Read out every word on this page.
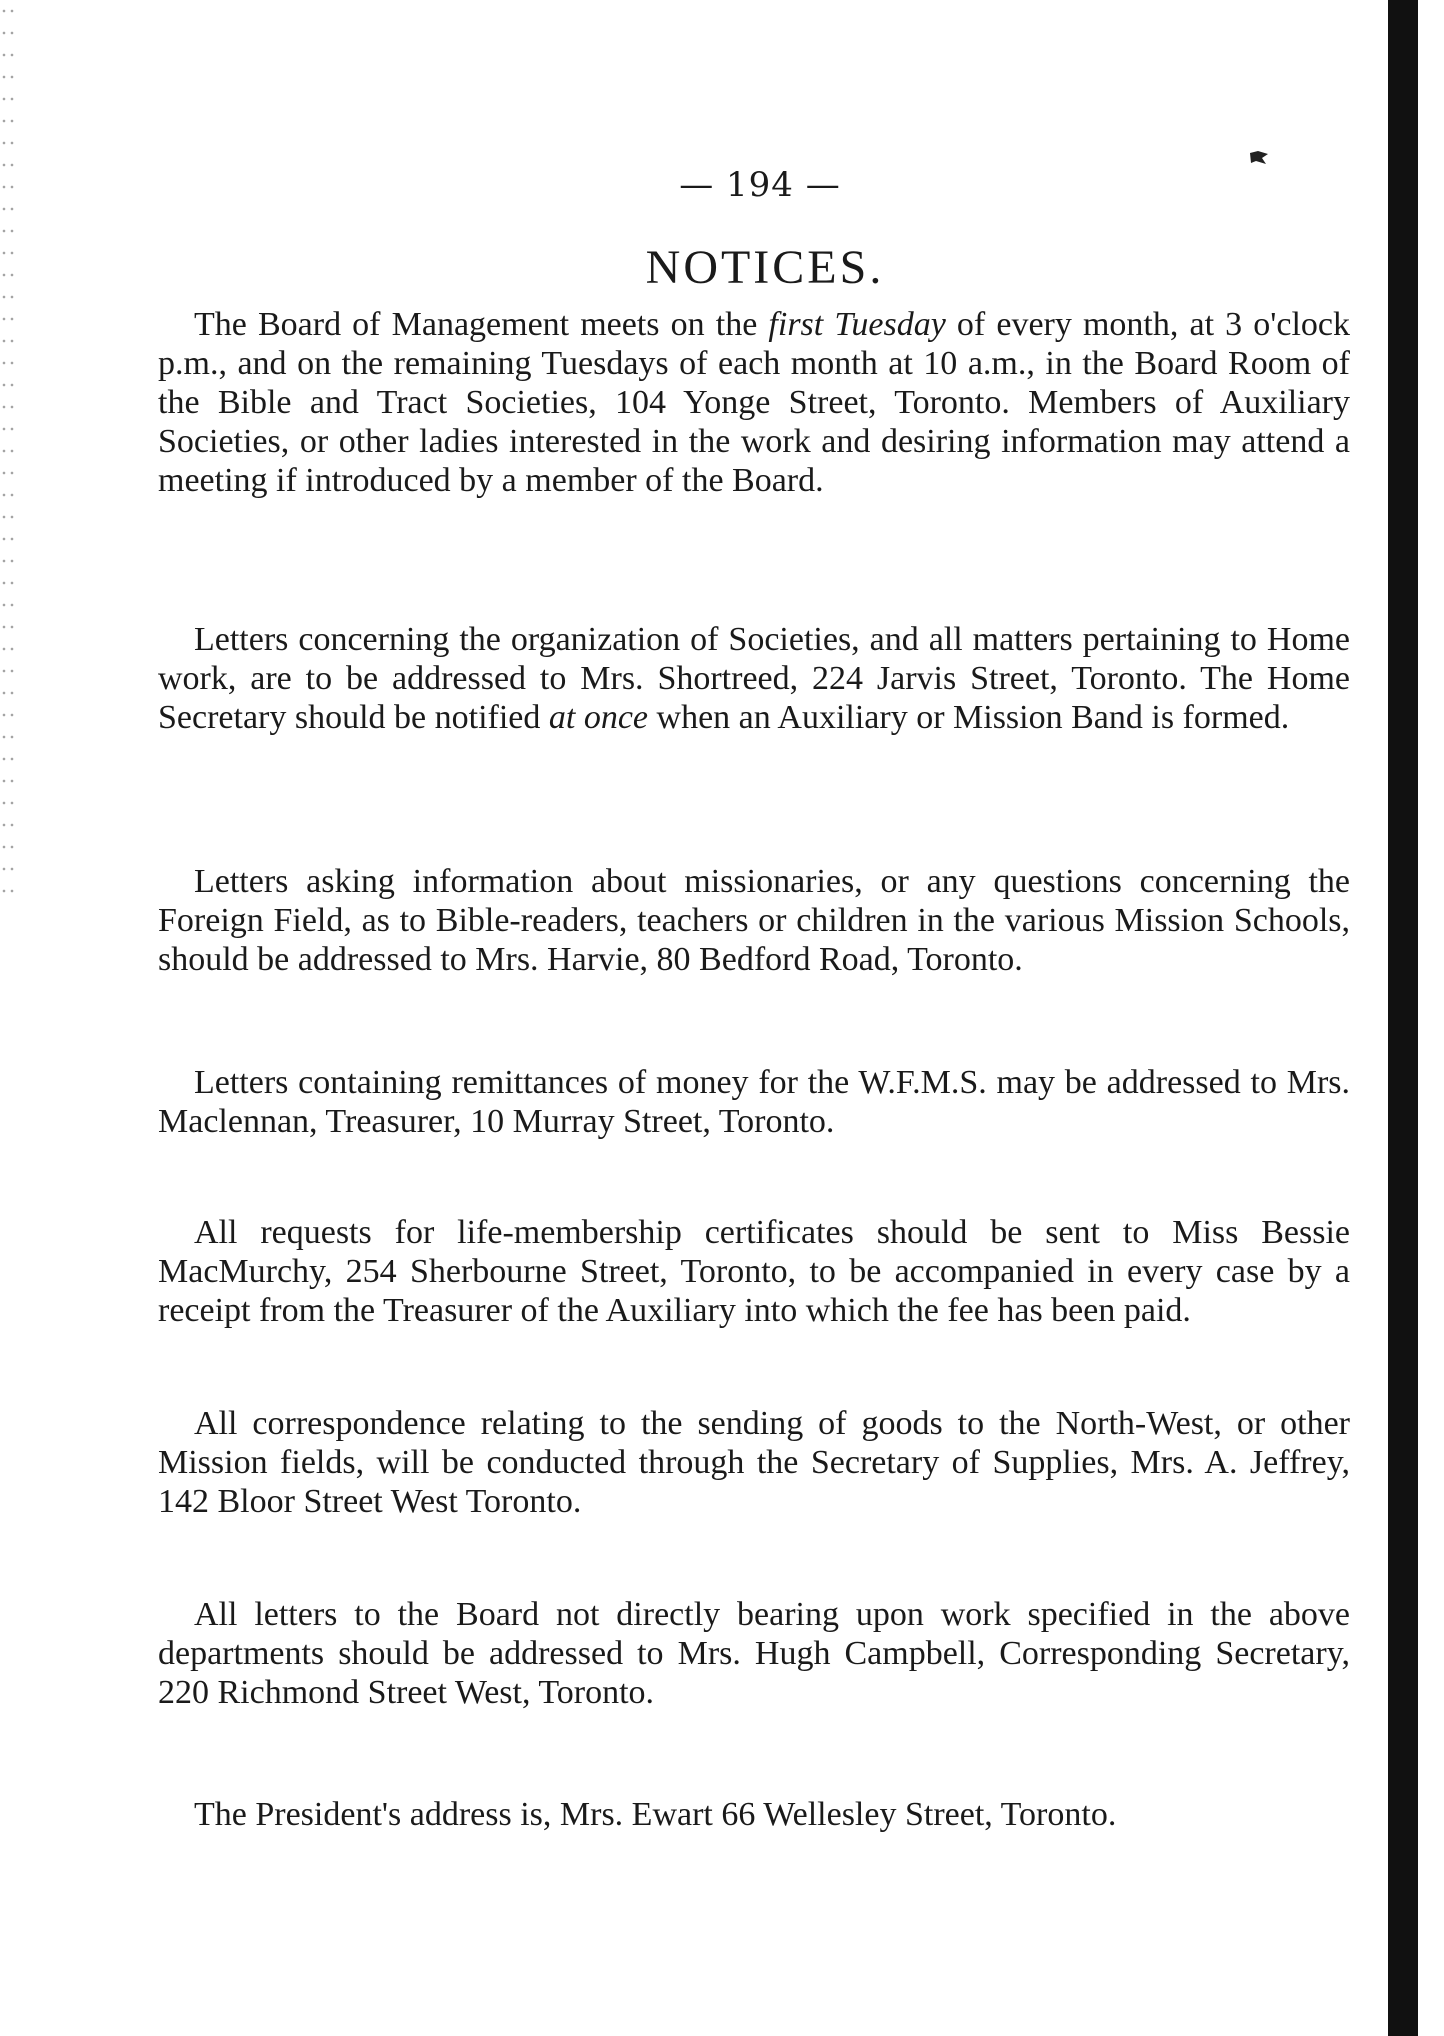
— 194 —
NOTICES.

The Board of Management meets on the first Tuesday of every month, at 3 o'clock p.m., and on the remaining Tuesdays of each month at 10 a.m., in the Board Room of the Bible and Tract Societies, 104 Yonge Street, Toronto. Members of Auxiliary Societies, or other ladies interested in the work and desiring information may attend a meeting if introduced by a member of the Board.

Letters concerning the organization of Societies, and all matters pertaining to Home work, are to be addressed to Mrs. Shortreed, 224 Jarvis Street, Toronto. The Home Secretary should be notified at once when an Auxiliary or Mission Band is formed.

Letters asking information about missionaries, or any questions concerning the Foreign Field, as to Bible-readers, teachers or children in the various Mission Schools, should be addressed to Mrs. Harvie, 80 Bedford Road, Toronto.

Letters containing remittances of money for the W.F.M.S. may be addressed to Mrs. Maclennan, Treasurer, 10 Murray Street, Toronto.

All requests for life-membership certificates should be sent to Miss Bessie MacMurchy, 254 Sherbourne Street, Toronto, to be accompanied in every case by a receipt from the Treasurer of the Auxiliary into which the fee has been paid.

All correspondence relating to the sending of goods to the North-West, or other Mission fields, will be conducted through the Secretary of Supplies, Mrs. A. Jeffrey, 142 Bloor Street West Toronto.

All letters to the Board not directly bearing upon work specified in the above departments should be addressed to Mrs. Hugh Campbell, Corresponding Secretary, 220 Richmond Street West, Toronto.

The President's address is, Mrs. Ewart 66 Wellesley Street, Toronto.
